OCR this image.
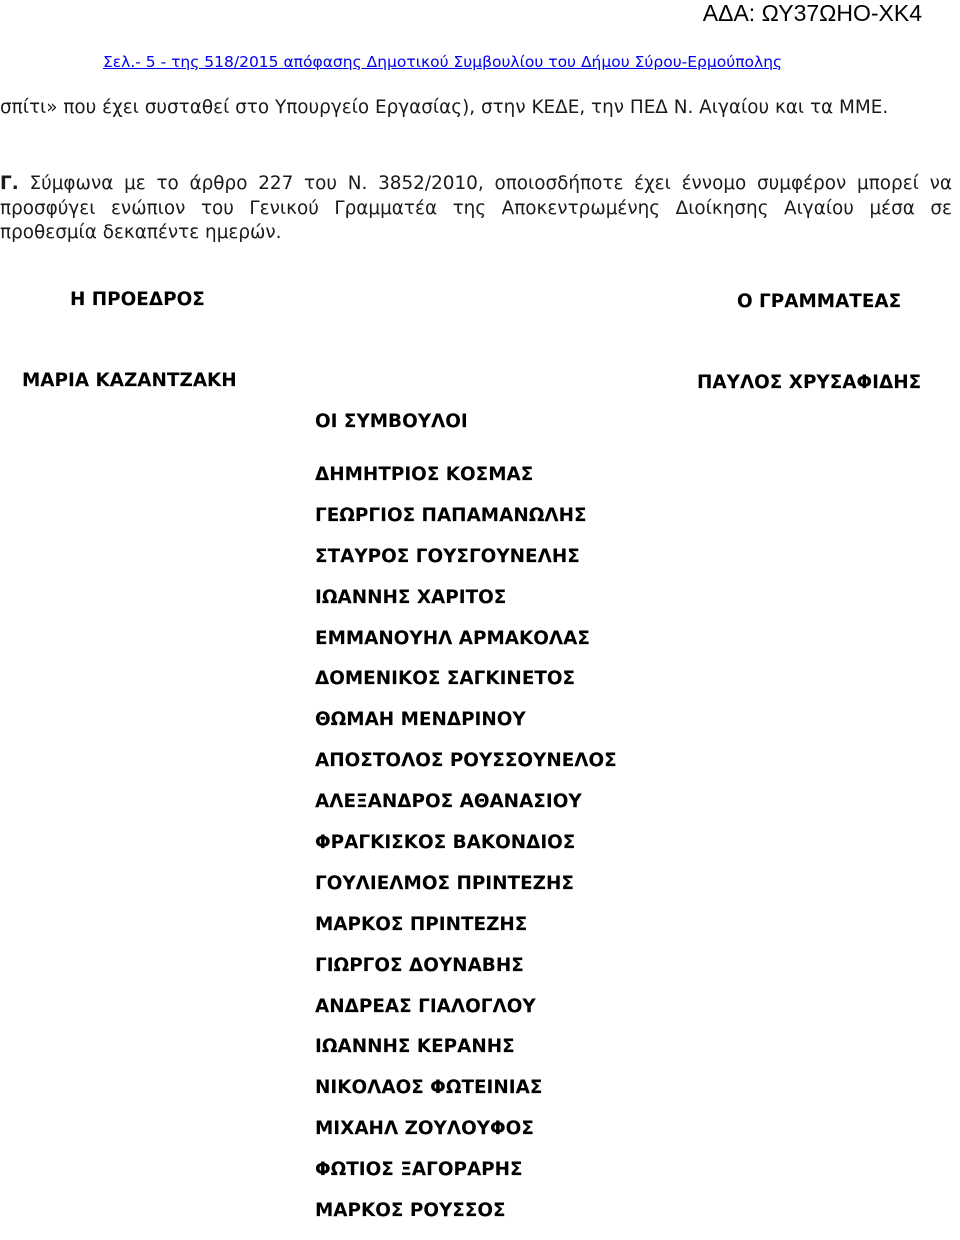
ΑΔΑ: ΩΥ37ΩΗΟ-ΧΚ4
Σελ.- 5 - της 518/2015 απόφασης Δημοτικού Συμβουλίου του Δήμου Σύρου-Ερμούπολης
σπίτι» που έχει συσταθεί στο Υπουργείο Εργασίας), στην ΚΕΔΕ, την ΠΕΔ Ν. Αιγαίου και τα ΜΜΕ.
Γ. Σύμφωνα με το άρθρο 227 του Ν. 3852/2010, οποιοσδήποτε έχει έννομο συμφέρον μπορεί να προσφύγει ενώπιον του Γενικού Γραμματέα της Αποκεντρωμένης Διοίκησης Αιγαίου μέσα σε προθεσμία δεκαπέντε ημερών.
Η ΠΡΟΕΔΡΟΣ	Ο ΓΡΑΜΜΑΤΕΑΣ
ΜΑΡΙΑ ΚΑΖΑΝΤΖΑΚΗ	ΠΑΥΛΟΣ ΧΡΥΣΑΦΙΔΗΣ
ΟΙ ΣΥΜΒΟΥΛΟΙ
ΔΗΜΗΤΡΙΟΣ ΚΟΣΜΑΣ
ΓΕΩΡΓΙΟΣ ΠΑΠΑΜΑΝΩΛΗΣ
ΣΤΑΥΡΟΣ ΓΟΥΣΓΟΥΝΕΛΗΣ
ΙΩΑΝΝΗΣ ΧΑΡΙΤΟΣ
ΕΜΜΑΝΟΥΗΛ ΑΡΜΑΚΟΛΑΣ
ΔΟΜΕΝΙΚΟΣ ΣΑΓΚΙΝΕΤΟΣ
ΘΩΜΑΗ ΜΕΝΔΡΙΝΟΥ
ΑΠΟΣΤΟΛΟΣ ΡΟΥΣΣΟΥΝΕΛΟΣ
ΑΛΕΞΑΝΔΡΟΣ ΑΘΑΝΑΣΙΟΥ
ΦΡΑΓΚΙΣΚΟΣ ΒΑΚΟΝΔΙΟΣ
ΓΟΥΛΙΕΛΜΟΣ ΠΡΙΝΤΕΖΗΣ
ΜΑΡΚΟΣ ΠΡΙΝΤΕΖΗΣ
ΓΙΩΡΓΟΣ ΔΟΥΝΑΒΗΣ
ΑΝΔΡΕΑΣ ΓΙΑΛΟΓΛΟΥ
ΙΩΑΝΝΗΣ ΚΕΡΑΝΗΣ
ΝΙΚΟΛΑΟΣ ΦΩΤΕΙΝΙΑΣ
ΜΙΧΑΗΛ ΖΟΥΛΟΥΦΟΣ
ΦΩΤΙΟΣ ΞΑΓΟΡΑΡΗΣ
ΜΑΡΚΟΣ ΡΟΥΣΣΟΣ
